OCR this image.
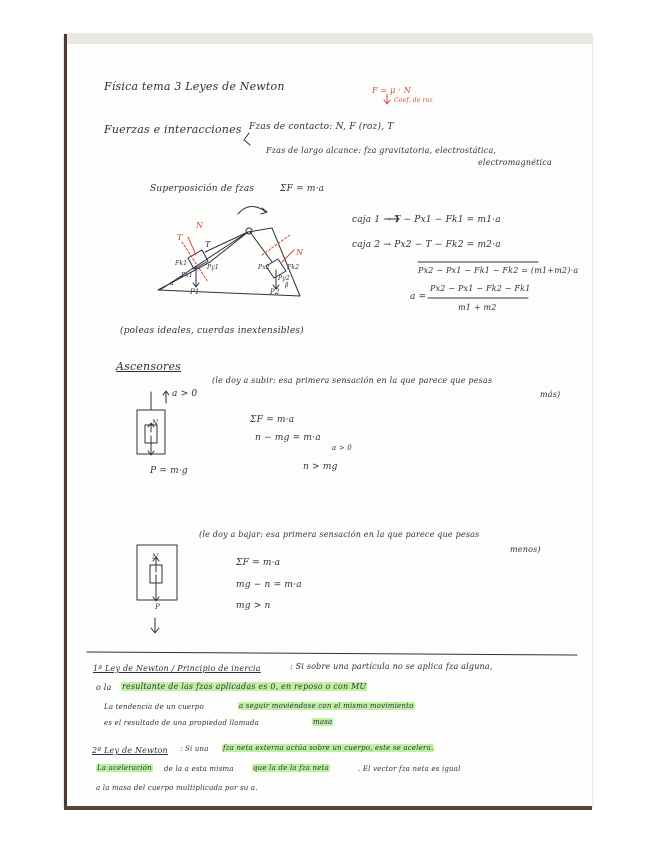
Física tema 3 Leyes de Newton	F = μ · N
Coef. de roz
Fuerzas e interacciones Fzas de contacto: N, F (roz), T
Fzas de largo alcance: fza gravitatoria, electrostática,
electromagnética
Superposición de fzas	ΣF = m·a
caja 1 → T − Px1 − Fk1 = m1·a
caja 2 → Px2 − T − Fk2 = m2·a
Px2 − Px1 − Fk1 − Fk2 = (m1+m2)·a
a =
Px2 − Px1 − Fk2 − Fk1
m1 + m2
(poleas ideales, cuerdas inextensibles)
T
T
N
N
Fk1
Fk2
Px1
Py1	Px2
Py2
P1	P2
α	β
Ascensores
a > 0
(le doy a subir: esa primera sensación en la que parece que pesas
más)
ΣF = m·a
n − mg = m·a
a > 0
n > mg
N
P = m·g
(le doy a bajar: esa primera sensación en la que parece que pesas
menos)
ΣF = m·a
mg − n = m·a
mg > n
N
P
1ª Ley de Newton / Principio de inercia	: Si sobre una partícula no se aplica fza alguna,
o la resultante de las fzas aplicadas es 0, en reposo o con MU
La tendencia de un cuerpo	a seguir moviéndose con el mismo movimiento
es el resultado de una propiedad llamada	masa
2ª Ley de Newton : Si una fza neta externa actúa sobre un cuerpo, este se acelera.
La aceleración de la a esta misma	que la de la fza neta	. El vector fza neta es igual
a la masa del cuerpo multiplicada por su a.
